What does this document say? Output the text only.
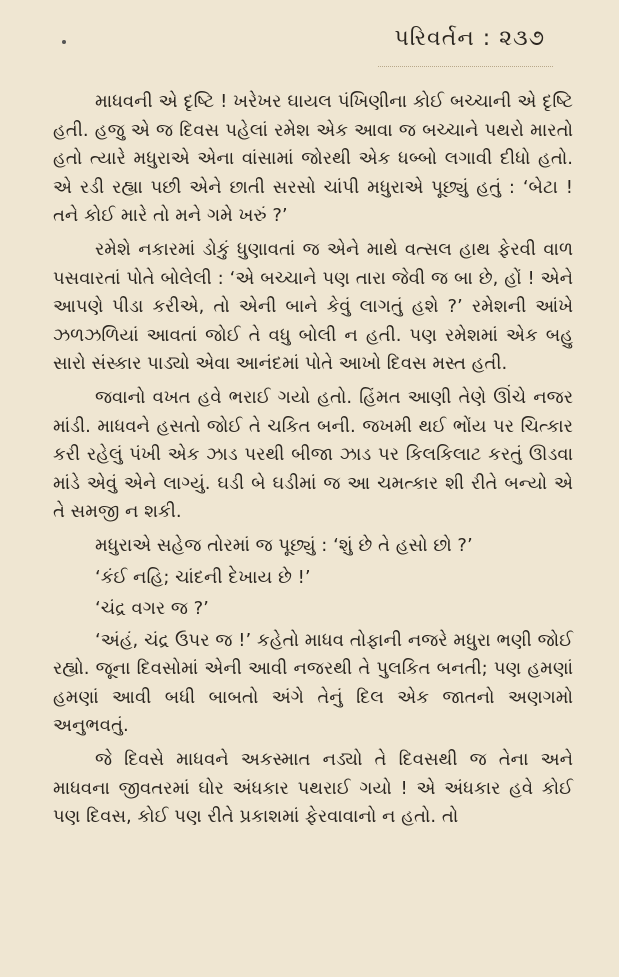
પરિવર્તન : ૨૩૭

માધવની એ દૃષ્ટિ ! ખરેખર ઘાયલ પંખિણીના કોઈ બચ્ચાની એ દૃષ્ટિ હતી. હજુ એ જ દિવસ પહેલાં રમેશ એક આવા જ બચ્ચાને પથરો મારતો હતો ત્યારે મધુરાએ એના વાંસામાં જોરથી એક ધબ્બો લગાવી દીધો હતો. એ રડી રહ્યા પછી એને છાતી સરસો ચાંપી મધુરાએ પૂછ્યું હતું : ‘બેટા ! તને કોઈ મારે તો મને ગમે ખરું ?’

રમેશે નકારમાં ડોકું ધુણાવતાં જ એને માથે વત્સલ હાથ ફેરવી વાળ પસવારતાં પોતે બોલેલી : ‘એ બચ્ચાને પણ તારા જેવી જ બા છે, હોં ! એને આપણે પીડા કરીએ, તો એની બાને કેવું લાગતું હશે ?’ રમેશની આંખે ઝળઝળિયાં આવતાં જોઈ તે વધુ બોલી ન હતી. પણ રમેશમાં એક બહુ સારો સંસ્કાર પાડ્યો એવા આનંદમાં પોતે આખો દિવસ મસ્ત હતી.

જવાનો વખત હવે ભરાઈ ગયો હતો. હિંમત આણી તેણે ઊંચે નજર માંડી. માધવને હસતો જોઈ તે ચકિત બની. જખમી થઈ ભોંય પર ચિત્કાર કરી રહેલું પંખી એક ઝાડ પરથી બીજા ઝાડ પર કિલકિલાટ કરતું ઊડવા માંડે એવું એને લાગ્યું. ઘડી બે ઘડીમાં જ આ ચમત્કાર શી રીતે બન્યો એ તે સમજી ન શકી.

મધુરાએ સહેજ તોરમાં જ પૂછ્યું : ‘શું છે તે હસો છો ?’

‘કંઈ નહિ; ચાંદની દેખાય છે !’

‘ચંદ્ર વગર જ ?’

‘અંહં, ચંદ્ર ઉપર જ !’ કહેતો માધવ તોફાની નજરે મધુરા ભણી જોઈ રહ્યો. જૂના દિવસોમાં એની આવી નજરથી તે પુલકિત બનતી; પણ હમણાં હમણાં આવી બધી બાબતો અંગે તેનું દિલ એક જાતનો અણગમો અનુભવતું.

જે દિવસે માધવને અકસ્માત નડ્યો તે દિવસથી જ તેના અને માધવના જીવતરમાં ઘોર અંધકાર પથરાઈ ગયો ! એ અંધકાર હવે કોઈ પણ દિવસ, કોઈ પણ રીતે પ્રકાશમાં ફેરવાવાનો ન હતો. તો
